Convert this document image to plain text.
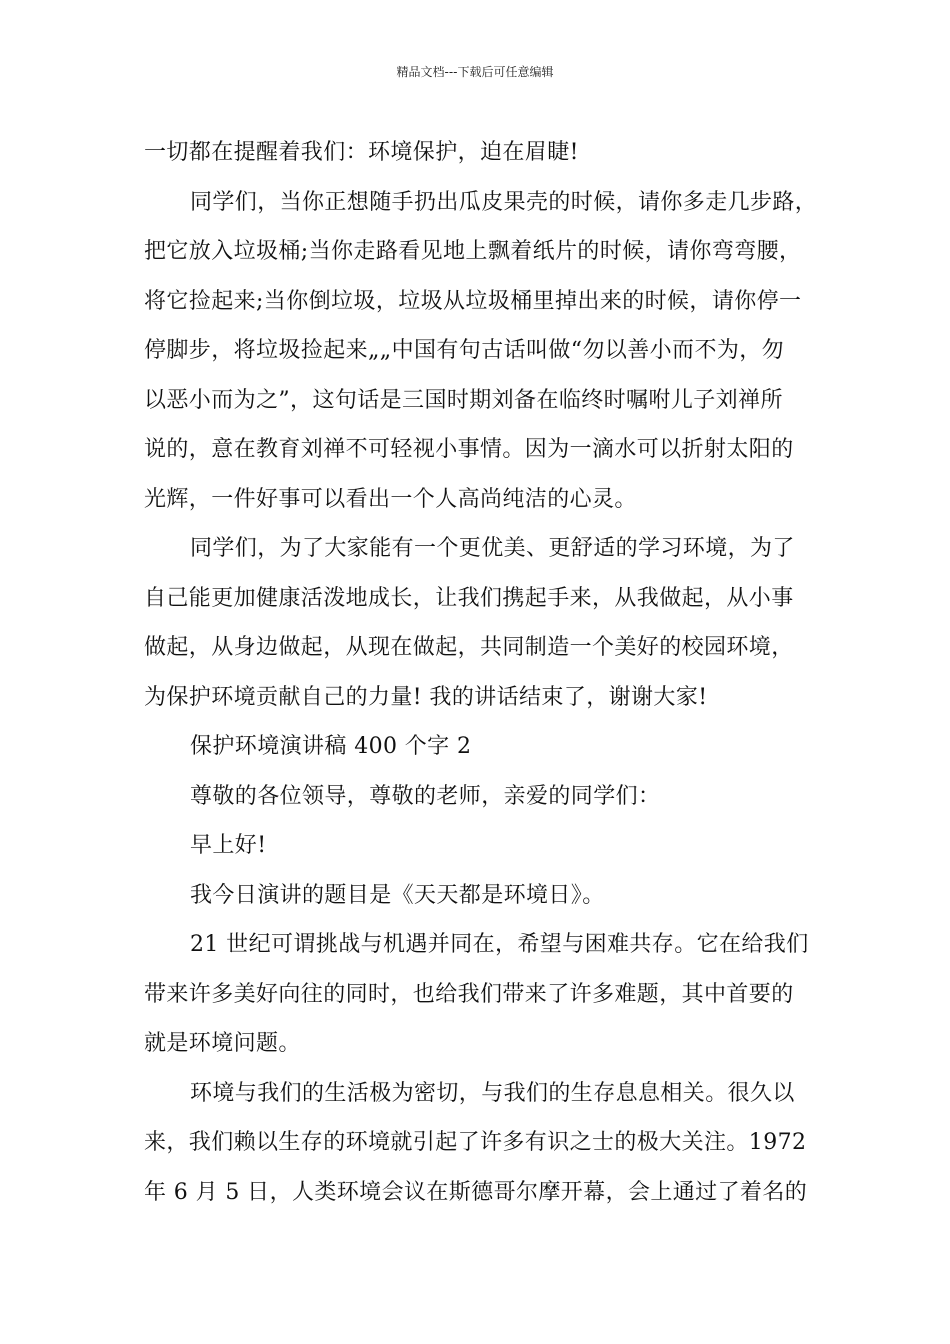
精品文档---下载后可任意编辑
一切都在提醒着我们：环境保护，迫在眉睫!
同学们，当你正想随手扔出瓜皮果壳的时候，请你多走几步路，
把它放入垃圾桶;当你走路看见地上飘着纸片的时候，请你弯弯腰，
将它捡起来;当你倒垃圾，垃圾从垃圾桶里掉出来的时候，请你停一
停脚步，将垃圾捡起来„„中国有句古话叫做“勿以善小而不为，勿
以恶小而为之”，这句话是三国时期刘备在临终时嘱咐儿子刘禅所
说的，意在教育刘禅不可轻视小事情。因为一滴水可以折射太阳的
光辉，一件好事可以看出一个人高尚纯洁的心灵。
同学们，为了大家能有一个更优美、更舒适的学习环境，为了
自己能更加健康活泼地成长，让我们携起手来，从我做起，从小事
做起，从身边做起，从现在做起，共同制造一个美好的校园环境，
为保护环境贡献自己的力量! 我的讲话结束了，谢谢大家!
保护环境演讲稿 400 个字 2
尊敬的各位领导，尊敬的老师，亲爱的同学们：
早上好!
我今日演讲的题目是《天天都是环境日》。
21 世纪可谓挑战与机遇并同在，希望与困难共存。它在给我们
带来许多美好向往的同时，也给我们带来了许多难题，其中首要的
就是环境问题。
环境与我们的生活极为密切，与我们的生存息息相关。很久以
来，我们赖以生存的环境就引起了许多有识之士的极大关注。1972
年 6 月 5 日，人类环境会议在斯德哥尔摩开幕，会上通过了着名的
